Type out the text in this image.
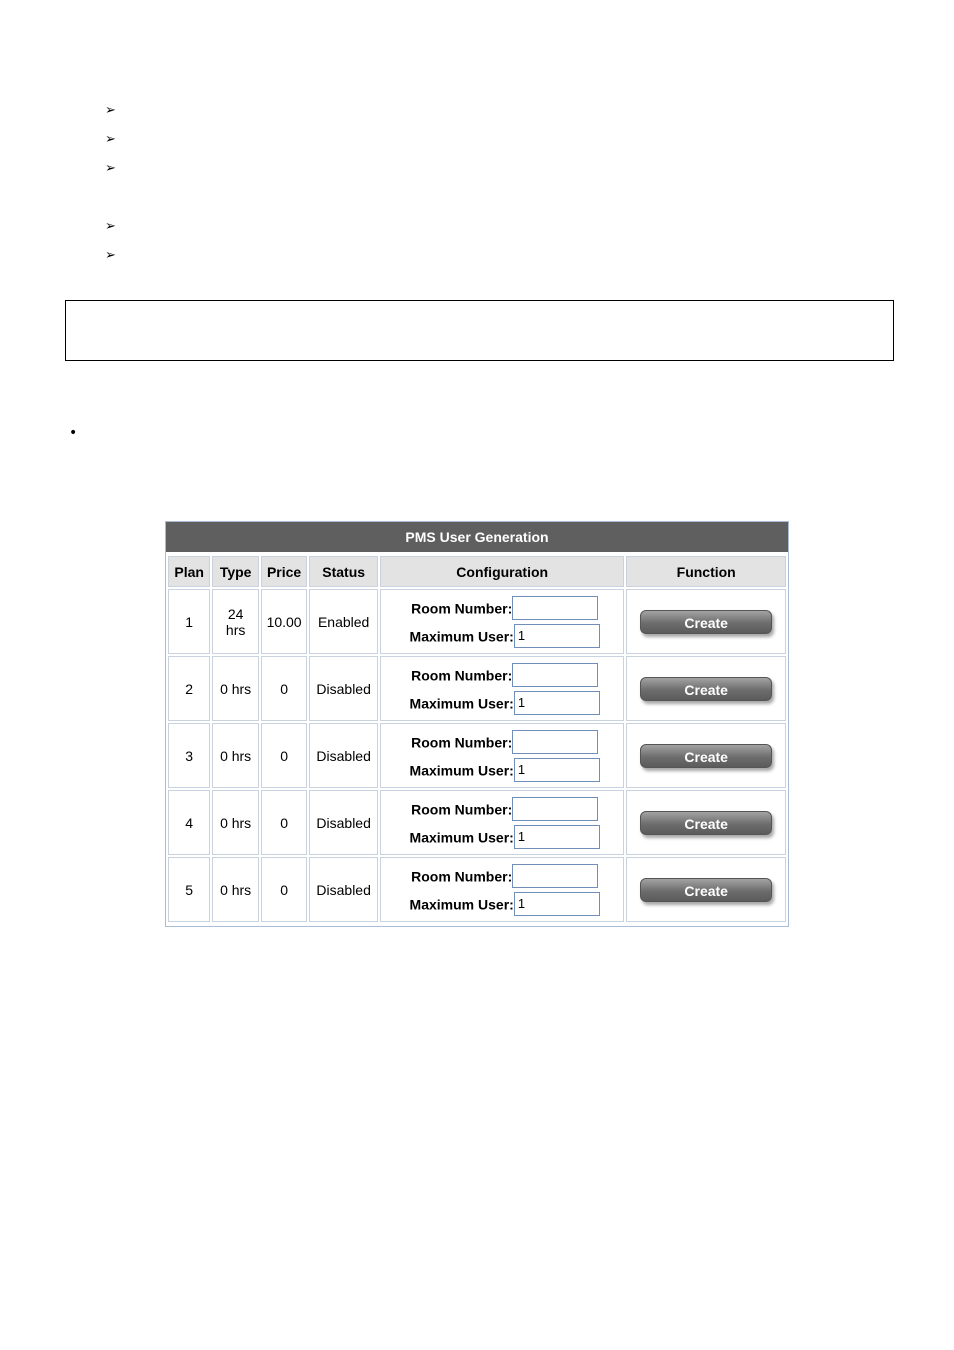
➢
➢
➢
➢
➢
•
PMS User Generation
Plan	Type	Price	Status	Configuration	Function
1	24 hrs	10.00	Enabled	Room Number:
Maximum User:1	Create
2	0 hrs	0	Disabled	Room Number:
Maximum User:1	Create
3	0 hrs	0	Disabled	Room Number:
Maximum User:1	Create
4	0 hrs	0	Disabled	Room Number:
Maximum User:1	Create
5	0 hrs	0	Disabled	Room Number:
Maximum User:1	Create
